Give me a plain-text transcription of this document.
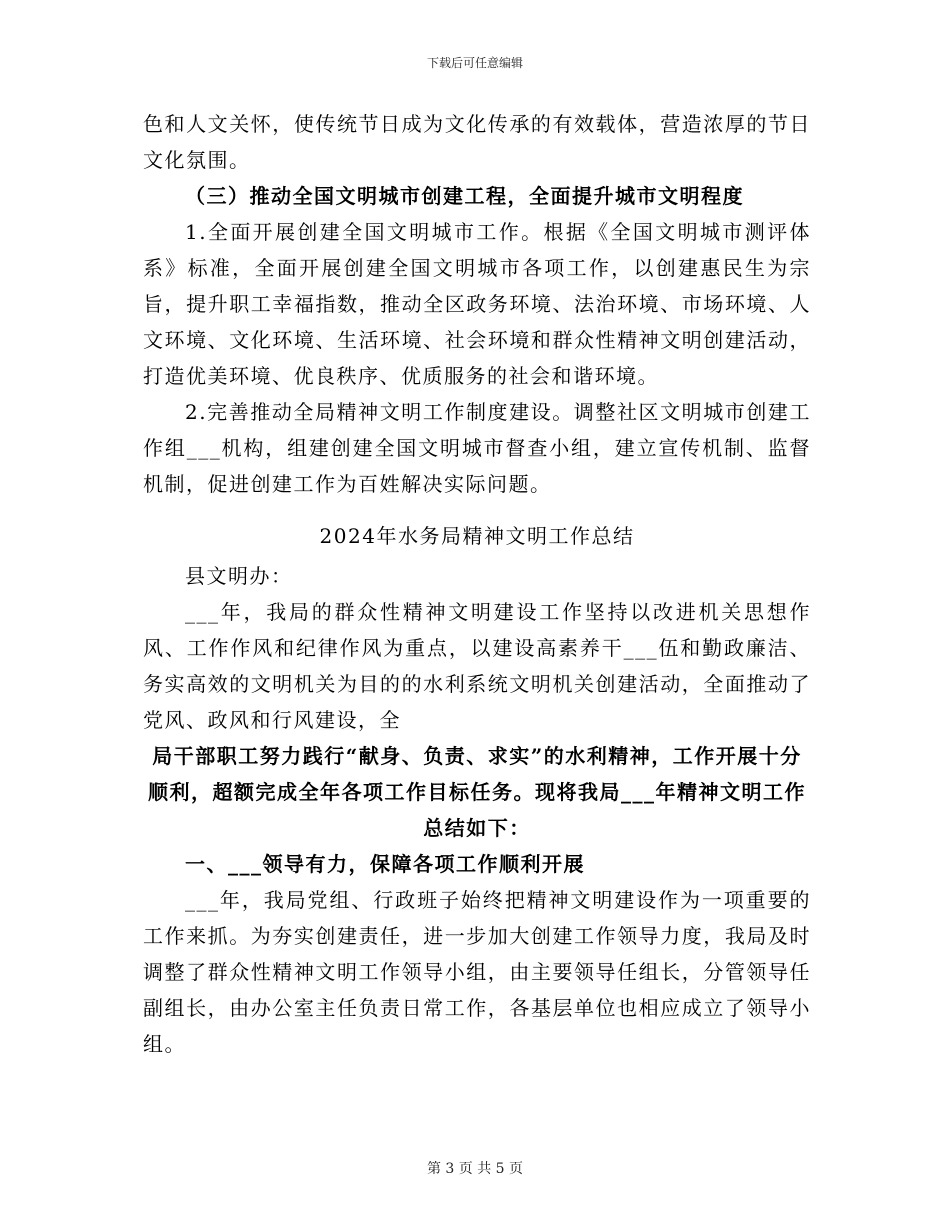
下载后可任意编辑

色和人文关怀，使传统节日成为文化传承的有效载体，营造浓厚的节日文化氛围。

（三）推动全国文明城市创建工程，全面提升城市文明程度

1.全面开展创建全国文明城市工作。根据《全国文明城市测评体系》标准，全面开展创建全国文明城市各项工作，以创建惠民生为宗旨，提升职工幸福指数，推动全区政务环境、法治环境、市场环境、人文环境、文化环境、生活环境、社会环境和群众性精神文明创建活动，打造优美环境、优良秩序、优质服务的社会和谐环境。

2.完善推动全局精神文明工作制度建设。调整社区文明城市创建工作组___机构，组建创建全国文明城市督查小组，建立宣传机制、监督机制，促进创建工作为百姓解决实际问题。

2024年水务局精神文明工作总结

县文明办：

___年，我局的群众性精神文明建设工作坚持以改进机关思想作风、工作作风和纪律作风为重点，以建设高素养干___伍和勤政廉洁、务实高效的文明机关为目的的水利系统文明机关创建活动，全面推动了党风、政风和行风建设，全

局干部职工努力践行“献身、负责、求实”的水利精神，工作开展十分顺利，超额完成全年各项工作目标任务。现将我局___年精神文明工作总结如下：

一、___领导有力，保障各项工作顺利开展

___年，我局党组、行政班子始终把精神文明建设作为一项重要的工作来抓。为夯实创建责任，进一步加大创建工作领导力度，我局及时调整了群众性精神文明工作领导小组，由主要领导任组长，分管领导任副组长，由办公室主任负责日常工作，各基层单位也相应成立了领导小组。

第 3 页 共 5 页
